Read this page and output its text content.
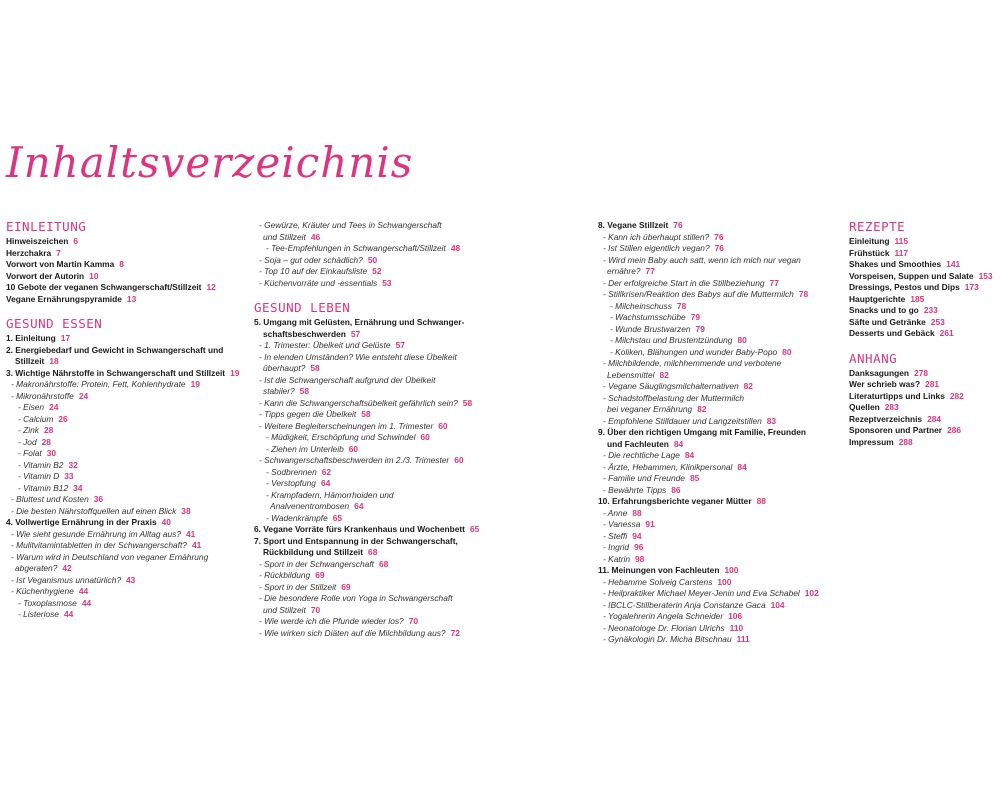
Inhaltsverzeichnis
EINLEITUNG
Hinweiszeichen 6
Herzchakra 7
Vorwort von Martin Kamma 8
Vorwort der Autorin 10
10 Gebote der veganen Schwangerschaft/Stillzeit 12
Vegane Ernährungspyramide 13
GESUND ESSEN
1. Einleitung 17
2. Energiebedarf und Gewicht in Schwangerschaft und
Stillzeit 18
3. Wichtige Nährstoffe in Schwangerschaft und Stillzeit 19
- Makronährstoffe: Protein, Fett, Kohlenhydrate 19
- Mikronährstoffe 24
- Eisen 24
- Calcium 26
- Zink 28
- Jod 28
- Folat 30
- Vitamin B2 32
- Vitamin D 33
- Vitamin B12 34
- Bluttest und Kosten 36
- Die besten Nährstoffquellen auf einen Blick 38
4. Vollwertige Ernährung in der Praxis 40
- Wie sieht gesunde Ernährung im Alltag aus? 41
- Mulitvitamintabletten in der Schwangerschaft? 41
- Warum wird in Deutschland von veganer Ernährung
abgeraten? 42
- Ist Veganismus unnatürlich? 43
- Küchenhygiene 44
- Toxoplasmose 44
- Listeriose 44
- Gewürze, Kräuter und Tees in Schwangerschaft
und Stillzeit 46
- Tee-Empfehlungen in Schwangerschaft/Stillzeit 48
- Soja – gut oder schädlich? 50
- Top 10 auf der Einkaufsliste 52
- Küchenvorräte und -essentials 53
GESUND LEBEN
5. Umgang mit Gelüsten, Ernährung und Schwanger-
schaftsbeschwerden 57
- 1. Trimester: Übelkeit und Gelüste 57
- In elenden Umständen? Wie entsteht diese Übelkeit
überhaupt? 58
- Ist die Schwangerschaft aufgrund der Übelkeit
stabiler? 58
- Kann die Schwangerschaftsübelkeit gefährlich sein? 58
- Tipps gegen die Übelkeit 58
- Weitere Begleiterscheinungen im 1. Trimester 60
- Müdigkeit, Erschöpfung und Schwindel 60
- Ziehen im Unterleib 60
- Schwangerschaftsbeschwerden im 2./3. Trimester 60
- Sodbrennen 62
- Verstopfung 64
- Krampfadern, Hämorrhoiden und
Analvenentrombosen 64
- Wadenkrämpfe 65
6. Vegane Vorräte fürs Krankenhaus und Wochenbett 65
7. Sport und Entspannung in der Schwangerschaft,
Rückbildung und Stillzeit 68
- Sport in der Schwangerschaft 68
- Rückbildung 69
- Sport in der Stillzeit 69
- Die besondere Rolle von Yoga in Schwangerschaft
und Stillzeit 70
- Wie werde ich die Pfunde wieder los? 70
- Wie wirken sich Diäten auf die Milchbildung aus? 72
8. Vegane Stillzeit 76
- Kann ich überhaupt stillen? 76
- Ist Stillen eigentlich vegan? 76
- Wird mein Baby auch satt, wenn ich mich nur vegan
ernähre? 77
- Der erfolgreiche Start in die Stillbeziehung 77
- Stillkrisen/Reaktion des Babys auf die Muttermilch 78
- Milcheinschuss 78
- Wachstumsschübe 79
- Wunde Brustwarzen 79
- Milchstau und Brustentzündung 80
- Koliken, Blähungen und wunder Baby-Popo 80
- Milchbildende, milchhemmende und verbotene
Lebensmittel 82
- Vegane Säuglingsmilchalternativen 82
- Schadstoffbelastung der Muttermilch
bei veganer Ernährung 82
- Empfohlene Stilldauer und Langzeitstillen 83
9. Über den richtigen Umgang mit Familie, Freunden
und Fachleuten 84
- Die rechtliche Lage 84
- Ärzte, Hebammen, Klinikpersonal 84
- Familie und Freunde 85
- Bewährte Tipps 86
10. Erfahrungsberichte veganer Mütter 88
- Anne 88
- Vanessa 91
- Steffi 94
- Ingrid 96
- Katrin 98
11. Meinungen von Fachleuten 100
- Hebamme Solveig Carstens 100
- Heilpraktiker Michael Meyer-Jenin und Eva Schabel 102
- IBCLC-Stillberaterin Anja Constanze Gaca 104
- Yogalehrerin Angela Schneider 106
- Neonatologe Dr. Florian Ulrichs 110
- Gynäkologin Dr. Micha Bitschnau 111
REZEPTE
Einleitung 115
Frühstück 117
Shakes und Smoothies 141
Vorspeisen, Suppen und Salate 153
Dressings, Pestos und Dips 173
Hauptgerichte 185
Snacks und to go 233
Säfte und Getränke 253
Desserts und Gebäck 261
ANHANG
Danksagungen 278
Wer schrieb was? 281
Literaturtipps und Links 282
Quellen 283
Rezeptverzeichnis 284
Sponsoren und Partner 286
Impressum 288
